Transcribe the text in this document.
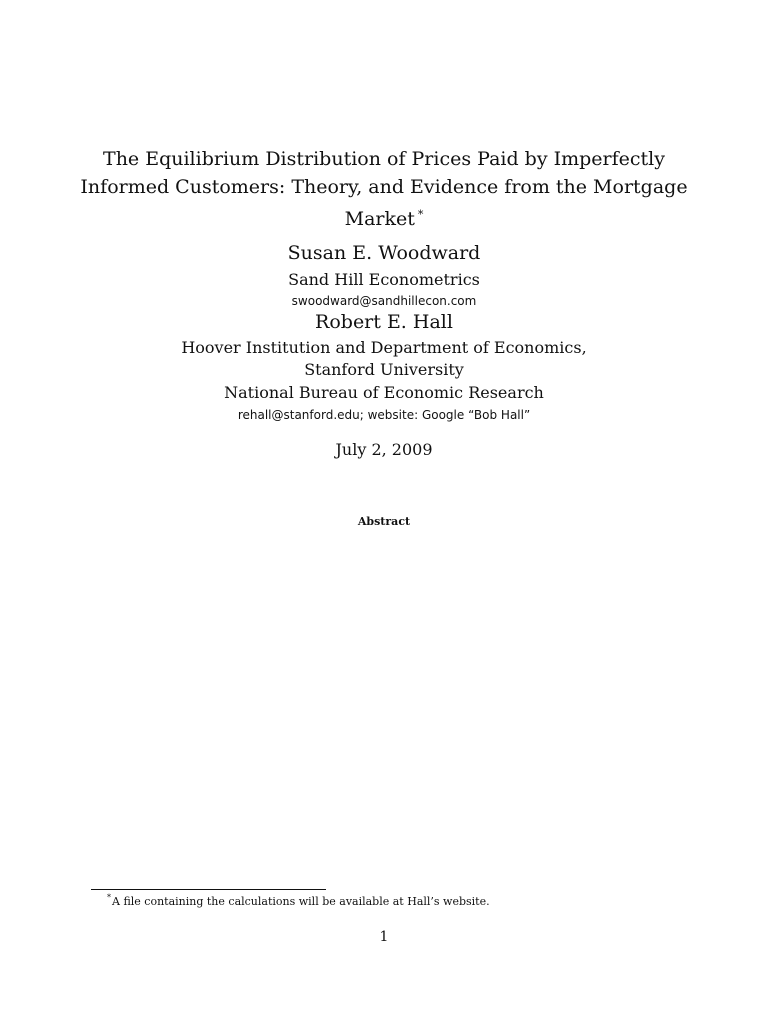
The Equilibrium Distribution of Prices Paid by Imperfectly
Informed Customers: Theory, and Evidence from the Mortgage
Market *
Susan E. Woodward
Sand Hill Econometrics
swoodward@sandhillecon.com
Robert E. Hall
Hoover Institution and Department of Economics,
Stanford University
National Bureau of Economic Research
rehall@stanford.edu; website: Google “Bob Hall”
July 2, 2009
Abstract
*A file containing the calculations will be available at Hall’s website.
1
